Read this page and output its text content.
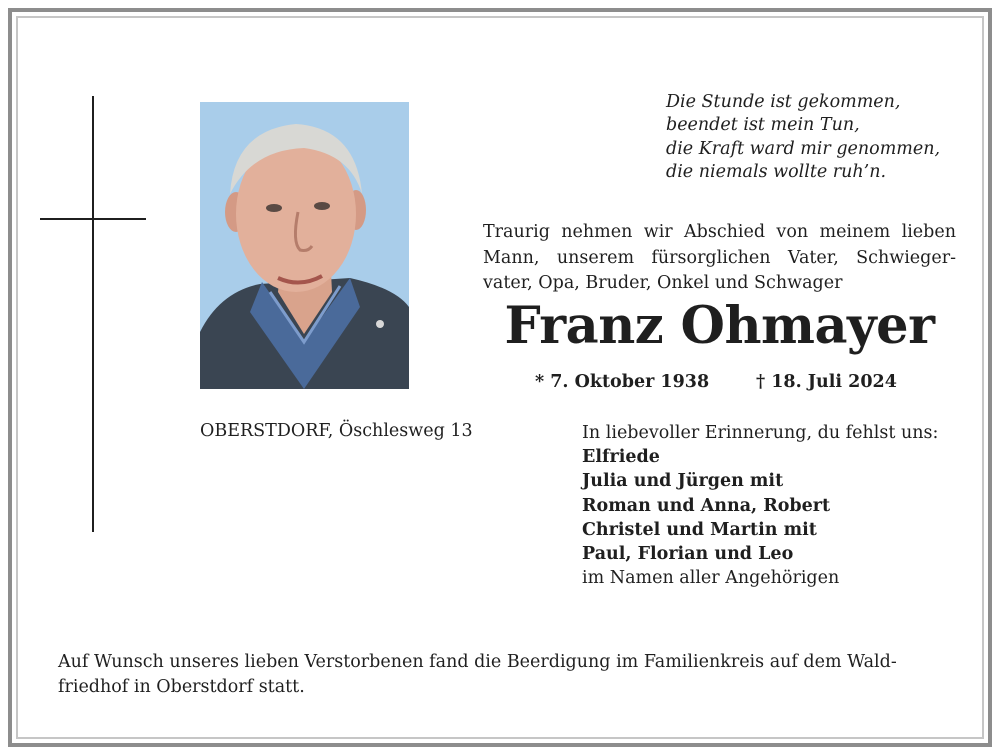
Die Stunde ist gekommen,
beendet ist mein Tun,
die Kraft ward mir genommen,
die niemals wollte ruh’n.
Traurig nehmen wir Abschied von meinem lieben
Mann, unserem fürsorglichen Vater, Schwieger-
vater, Opa, Bruder, Onkel und Schwager
Franz Ohmayer
* 7. Oktober 1938	† 18. Juli 2024
OBERSTDORF, Öschlesweg 13	In liebevoller Erinnerung, du fehlst uns:
Elfriede
Julia und Jürgen mit
Roman und Anna, Robert
Christel und Martin mit
Paul, Florian und Leo
im Namen aller Angehörigen
Auf Wunsch unseres lieben Verstorbenen fand die Beerdigung im Familienkreis auf dem Wald-
friedhof in Oberstdorf statt.
